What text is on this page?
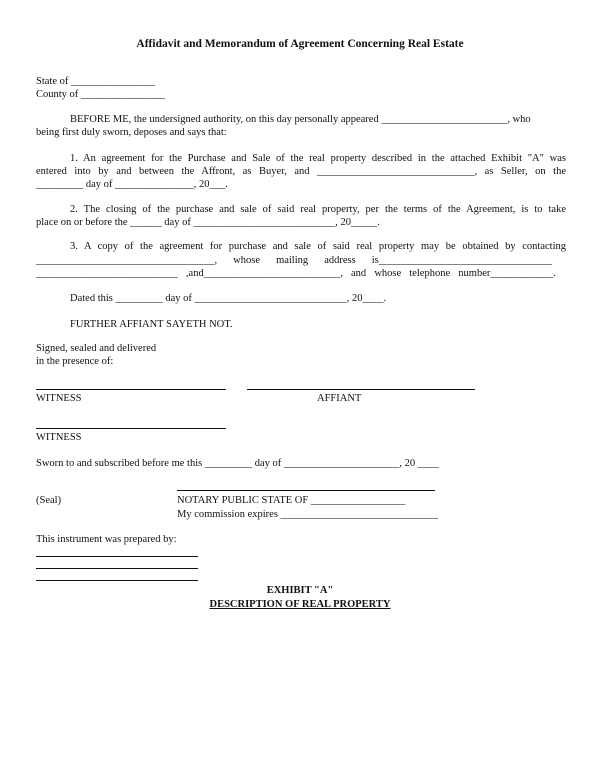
Affidavit and Memorandum of Agreement Concerning Real Estate
State of ________________
County of ________________
BEFORE ME, the undersigned authority, on this day personally appeared ________________________, who
being first duly sworn, deposes and says that:
1. An agreement for the Purchase and Sale of the real property described in the attached Exhibit "A" was
entered into by and between the Affront, as Buyer, and ______________________________, as Seller, on the
_________ day of _______________, 20___.
2. The closing of the purchase and sale of said real property, per the terms of the Agreement, is to take
place on or before the ______ day of ___________________________, 20_____.
3. A copy of the agreement for purchase and sale of said real property may be obtained by contacting
__________________________________, whose mailing address is_________________________________
___________________________ ,and__________________________, and whose telephone number____________.
Dated this _________ day of _____________________________, 20____.
FURTHER AFFIANT SAYETH NOT.
Signed, sealed and delivered
in the presence of:
WITNESS	AFFIANT
WITNESS
Sworn to and subscribed before me this _________ day of ______________________, 20 ____
(Seal)	NOTARY PUBLIC STATE OF __________________
My commission expires ______________________________
This instrument was prepared by:
EXHIBIT "A"
DESCRIPTION OF REAL PROPERTY
